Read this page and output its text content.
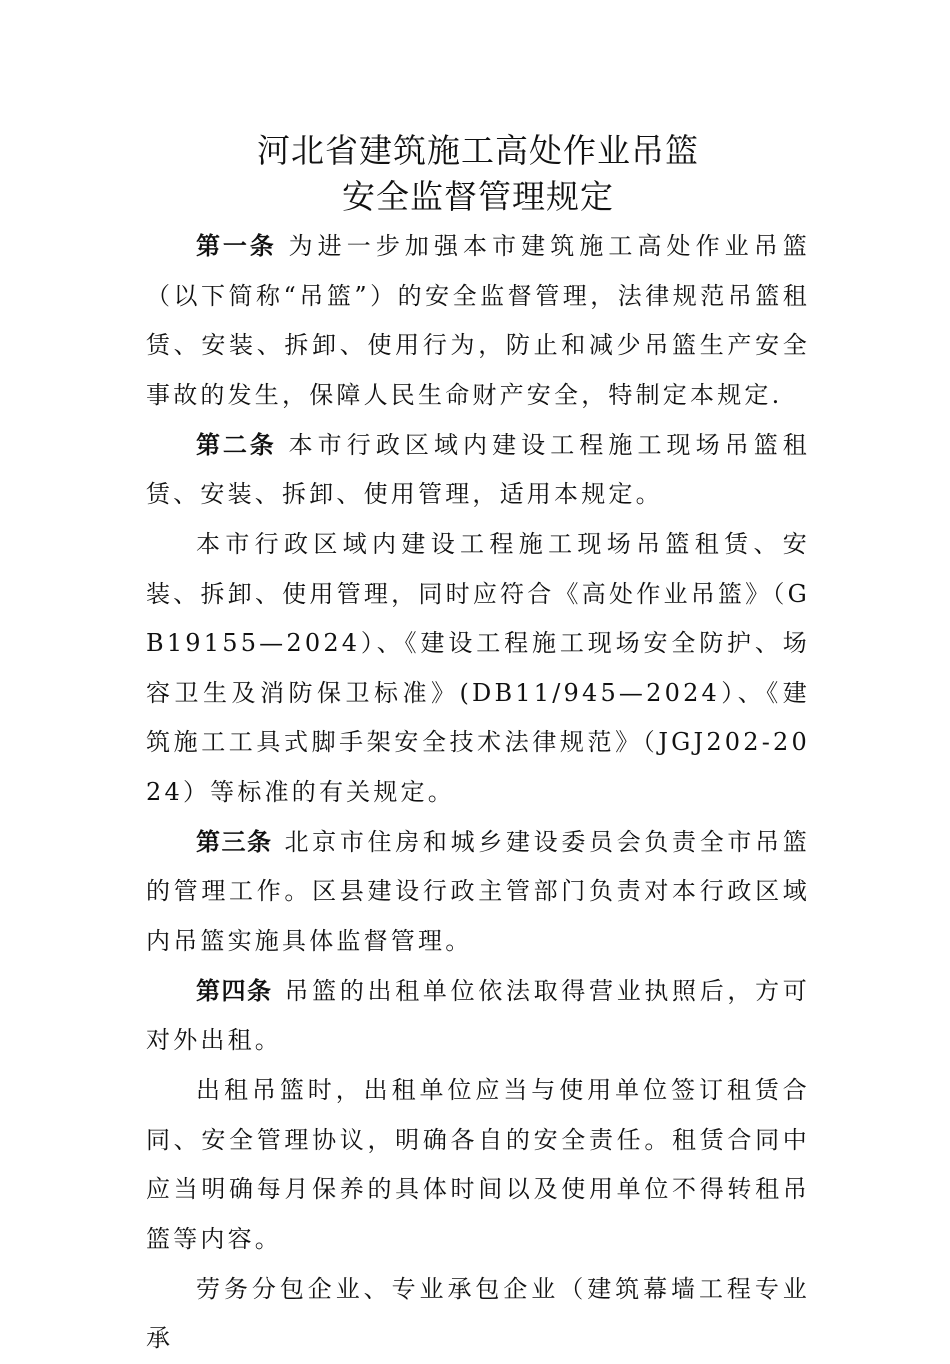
河北省建筑施工高处作业吊篮
安全监督管理规定

第一条 为进一步加强本市建筑施工高处作业吊篮（以下简称“吊篮”）的安全监督管理，法律规范吊篮租赁、安装、拆卸、使用行为，防止和减少吊篮生产安全事故的发生，保障人民生命财产安全，特制定本规定.

第二条 本市行政区域内建设工程施工现场吊篮租赁、安装、拆卸、使用管理，适用本规定。

本市行政区域内建设工程施工现场吊篮租赁、安装、拆卸、使用管理，同时应符合《高处作业吊篮》（GB19155—2024）、《建设工程施工现场安全防护、场容卫生及消防保卫标准》(DB11/945—2024）、《建筑施工工具式脚手架安全技术法律规范》（JGJ202-2024）等标准的有关规定。

第三条 北京市住房和城乡建设委员会负责全市吊篮的管理工作。区县建设行政主管部门负责对本行政区域内吊篮实施具体监督管理。

第四条 吊篮的出租单位依法取得营业执照后，方可对外出租。

出租吊篮时，出租单位应当与使用单位签订租赁合同、安全管理协议，明确各自的安全责任。租赁合同中应当明确每月保养的具体时间以及使用单位不得转租吊篮等内容。

劳务分包企业、专业承包企业（建筑幕墙工程专业承
